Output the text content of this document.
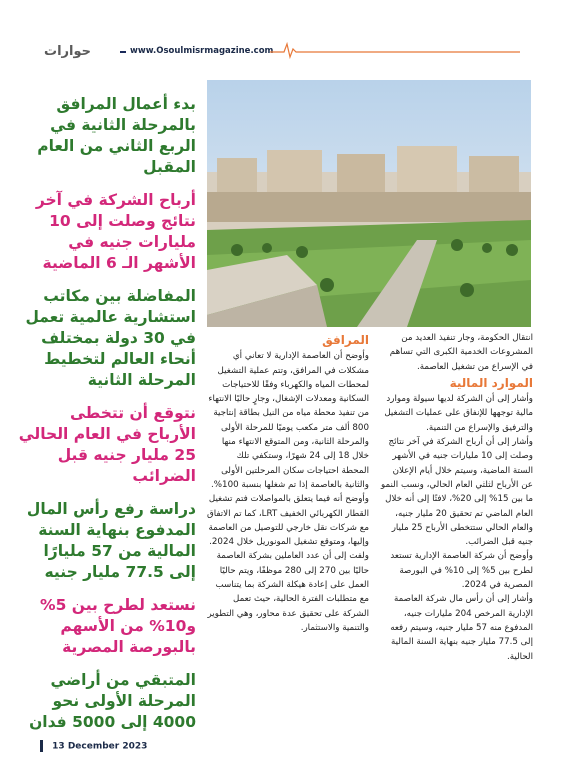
حوارات	www.Osoulmisrmagazine.com
بدء أعمال المرافق بالمرحلة الثانية في الربع الثاني من العام المقبل
أرباح الشركة في آخر نتائج وصلت إلى 10 مليارات جنيه في الأشهر الـ 6 الماضية
المفاضلة بين مكاتب استشارية عالمية تعمل في 30 دولة بمختلف أنحاء العالم لتخطيط المرحلة الثانية
نتوقع أن تتخطى الأرباح في العام الحالي 25 مليار جنيه قبل الضرائب
دراسة رفع رأس المال المدفوع بنهاية السنة المالية من 57 مليارًا إلى 77.5 مليار جنيه
نستعد لطرح بين 5% و10% من الأسهم بالبورصة المصرية
المتبقي من أراضي المرحلة الأولى نحو 4000 إلى 5000 فدان

انتقال الحكومة، وجار تنفيذ العديد من المشروعات الخدمية الكبرى التي تساهم في الإسراع من تشغيل العاصمة.

الموارد المالية

وأشار إلى أن الشركة لديها سيولة وموارد مالية توجهها للإنفاق على عمليات التشغيل والترفيق والإسراع من التنمية.

وأشار إلى أن أرباح الشركة في آخر نتائج وصلت إلى 10 مليارات جنيه في الأشهر الستة الماضية، وسيتم خلال أيام الإعلان عن الأرباح لثلثي العام الحالي، ونسب النمو ما بين 15% إلى 20%، لافتًا إلى أنه خلال العام الماضي تم تحقيق 20 مليار جنيه، والعام الحالي ستتخطى الأرباح 25 مليار جنيه قبل الضرائب.

وأوضح أن شركة العاصمة الإدارية تستعد لطرح بين 5% إلى 10% في البورصة المصرية في 2024.

وأشار إلى أن رأس مال شركة العاصمة الإدارية المرخص 204 مليارات جنيه، المدفوع منه 57 مليار جنيه، وسيتم رفعه إلى 77.5 مليار جنيه بنهاية السنة المالية الحالية.

المرافق

وأوضح أن العاصمة الإدارية لا تعاني أي مشكلات في المرافق، وتتم عملية التشغيل لمحطات المياه والكهرباء وفقًا للاحتياجات السكانية ومعدلات الإشغال، وجارٍ حاليًا الانتهاء من تنفيذ محطة مياه من النيل بطاقة إنتاجية 800 ألف متر مكعب يوميًا للمرحلة الأولى والمرحلة الثانية، ومن المتوقع الانتهاء منها خلال 18 إلى 24 شهرًا، وستكفي تلك المحطة احتياجات سكان المرحلتين الأولى والثانية بالعاصمة إذا تم شغلها بنسبة 100%.

وأوضح أنه فيما يتعلق بالمواصلات فتم تشغيل القطار الكهربائي الخفيف LRT، كما تم الاتفاق مع شركات نقل خارجي للتوصيل من العاصمة وإليها، ومتوقع تشغيل المونوريل خلال 2024.

ولفت إلى أن عدد العاملين بشركة العاصمة حاليًا بين 270 إلى 280 موظفًا، ويتم حاليًا العمل على إعادة هيكلة الشركة بما يتناسب مع متطلبات الفترة الحالية، حيث تعمل الشركة على تحقيق عدة محاور، وهي التطوير والتنمية والاستثمار.

13 December 2023
